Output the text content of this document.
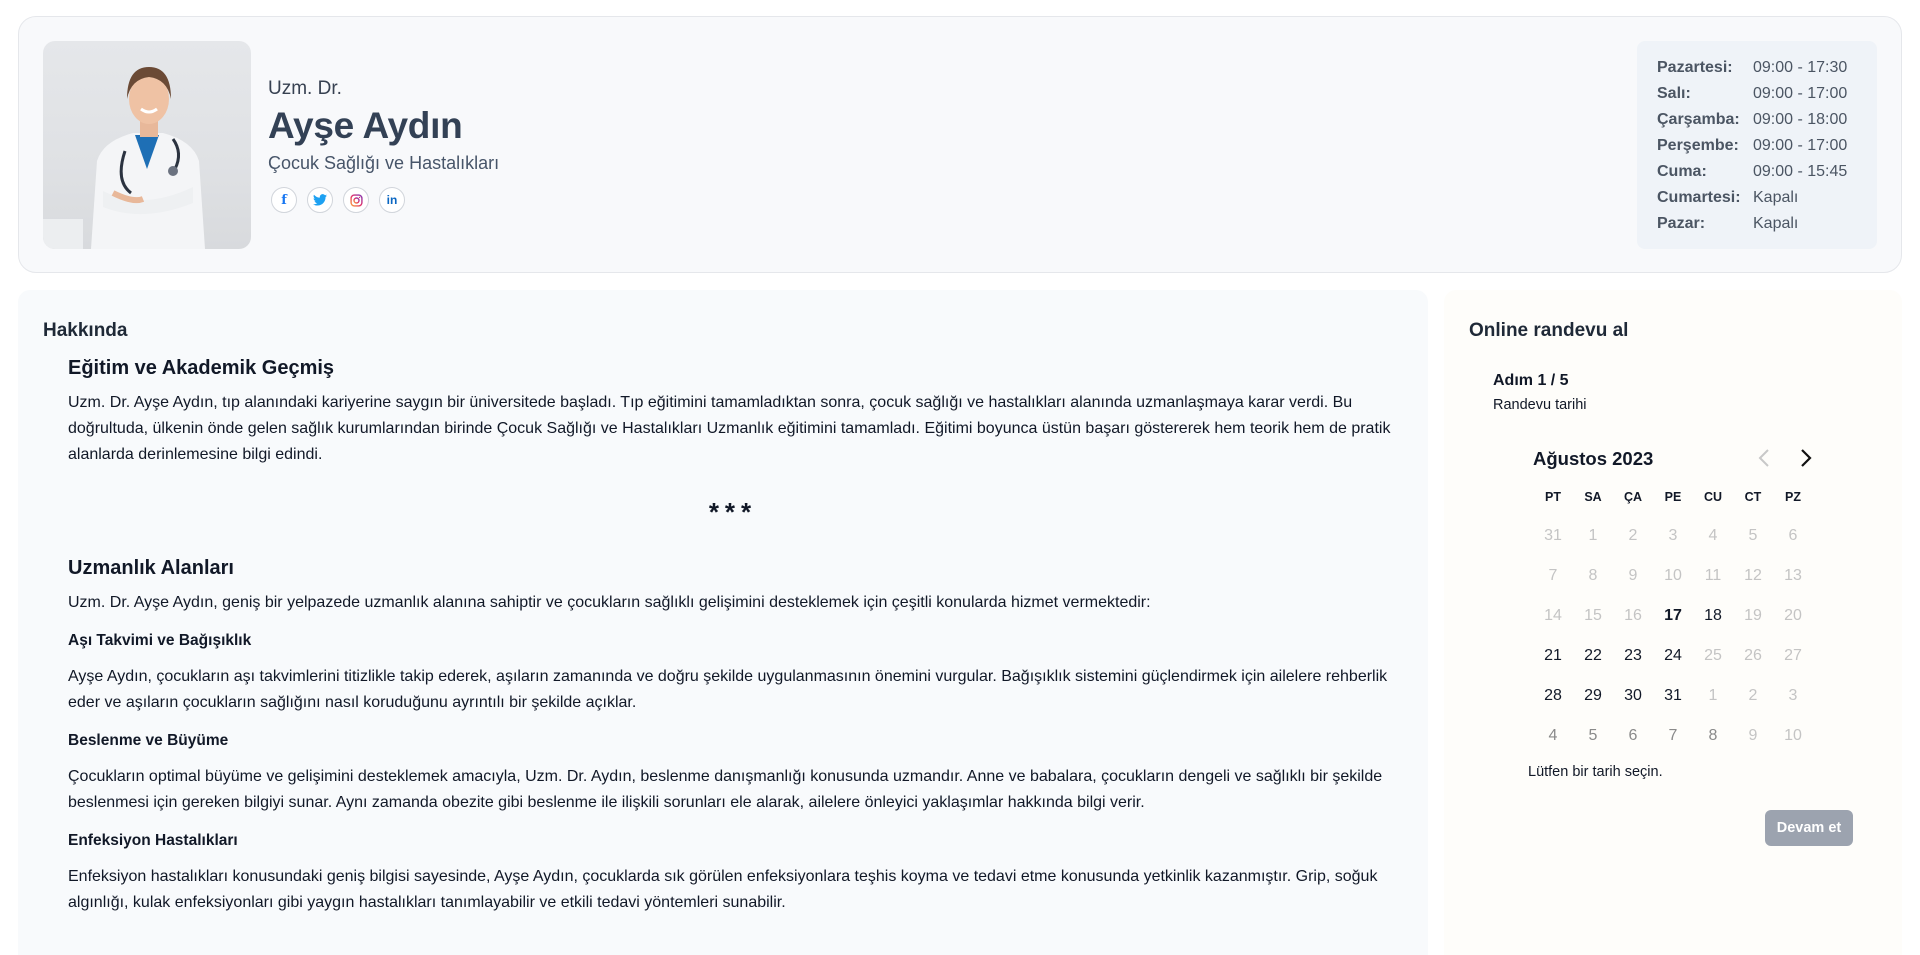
Uzm. Dr.
Ayşe Aydın
Çocuk Sağlığı ve Hastalıkları
f	in
Pazartesi:	09:00 - 17:30
Salı:	09:00 - 17:00
Çarşamba: 09:00 - 18:00
Perşembe: 09:00 - 17:00
Cuma:	09:00 - 15:45
Cumartesi: Kapalı
Pazar:	Kapalı
Hakkında
Eğitim ve Akademik Geçmiş
Uzm. Dr. Ayşe Aydın, tıp alanındaki kariyerine saygın bir üniversitede başladı. Tıp eğitimini tamamladıktan sonra, çocuk sağlığı ve hastalıkları alanında uzmanlaşmaya karar verdi. Bu doğrultuda, ülkenin önde gelen sağlık kurumlarından birinde Çocuk Sağlığı ve Hastalıkları Uzmanlık eğitimini tamamladı. Eğitimi boyunca üstün başarı göstererek hem teorik hem de pratik alanlarda derinlemesine bilgi edindi.
***
Uzmanlık Alanları
Uzm. Dr. Ayşe Aydın, geniş bir yelpazede uzmanlık alanına sahiptir ve çocukların sağlıklı gelişimini desteklemek için çeşitli konularda hizmet vermektedir:
Aşı Takvimi ve Bağışıklık
Ayşe Aydın, çocukların aşı takvimlerini titizlikle takip ederek, aşıların zamanında ve doğru şekilde uygulanmasının önemini vurgular. Bağışıklık sistemini güçlendirmek için ailelere rehberlik eder ve aşıların çocukların sağlığını nasıl koruduğunu ayrıntılı bir şekilde açıklar.
Beslenme ve Büyüme
Çocukların optimal büyüme ve gelişimini desteklemek amacıyla, Uzm. Dr. Aydın, beslenme danışmanlığı konusunda uzmandır. Anne ve babalara, çocukların dengeli ve sağlıklı bir şekilde beslenmesi için gereken bilgiyi sunar. Aynı zamanda obezite gibi beslenme ile ilişkili sorunları ele alarak, ailelere önleyici yaklaşımlar hakkında bilgi verir.
Enfeksiyon Hastalıkları
Enfeksiyon hastalıkları konusundaki geniş bilgisi sayesinde, Ayşe Aydın, çocuklarda sık görülen enfeksiyonlara teşhis koyma ve tedavi etme konusunda yetkinlik kazanmıştır. Grip, soğuk algınlığı, kulak enfeksiyonları gibi yaygın hastalıkları tanımlayabilir ve etkili tedavi yöntemleri sunabilir.
Online randevu al
Adım 1 / 5
Randevu tarihi
Ağustos 2023
PT	SA	ÇA	PE	CU	CT	PZ
31	1	2	3	4	5	6
7	8	9	10	11	12	13
14	15	16	17	18	19	20
21	22	23	24	25	26	27
28	29	30	31	1	2	3
4	5	6	7	8	9	10
Lütfen bir tarih seçin.
Devam et
